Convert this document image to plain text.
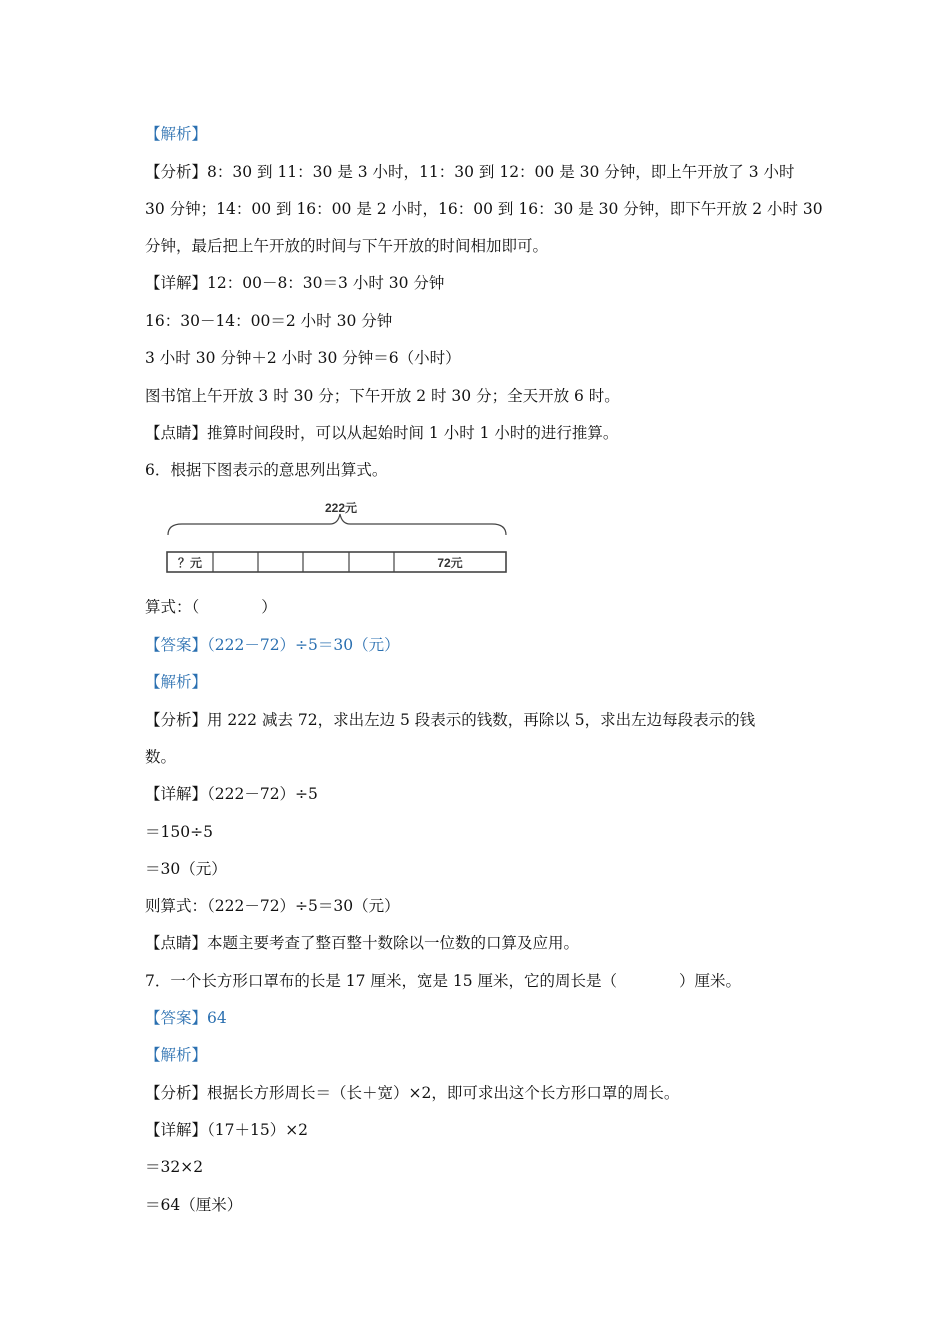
【解析】
【分析】8：30 到 11：30 是 3 小时，11：30 到 12：00 是 30 分钟，即上午开放了 3 小时
30 分钟；14：00 到 16：00 是 2 小时，16：00 到 16：30 是 30 分钟，即下午开放 2 小时 30
分钟，最后把上午开放的时间与下午开放的时间相加即可。
【详解】12：00－8：30＝3 小时 30 分钟
16：30－14：00＝2 小时 30 分钟
3 小时 30 分钟＋2 小时 30 分钟＝6（小时）
图书馆上午开放 3 时 30 分；下午开放 2 时 30 分；全天开放 6 时。
【点睛】推算时间段时，可以从起始时间 1 小时 1 小时的进行推算。
6．根据下图表示的意思列出算式。
222元
？元	72元
算式：（　　　　）
【答案】（222－72）÷5＝30（元）
【解析】
【分析】用 222 减去 72，求出左边 5 段表示的钱数，再除以 5，求出左边每段表示的钱
数。
【详解】（222－72）÷5
＝150÷5
＝30（元）
则算式：（222－72）÷5＝30（元）
【点睛】本题主要考查了整百整十数除以一位数的口算及应用。
7．一个长方形口罩布的长是 17 厘米，宽是 15 厘米，它的周长是（　　　　）厘米。
【答案】64
【解析】
【分析】根据长方形周长＝（长＋宽）×2，即可求出这个长方形口罩的周长。
【详解】（17＋15）×2
＝32×2
＝64（厘米）
